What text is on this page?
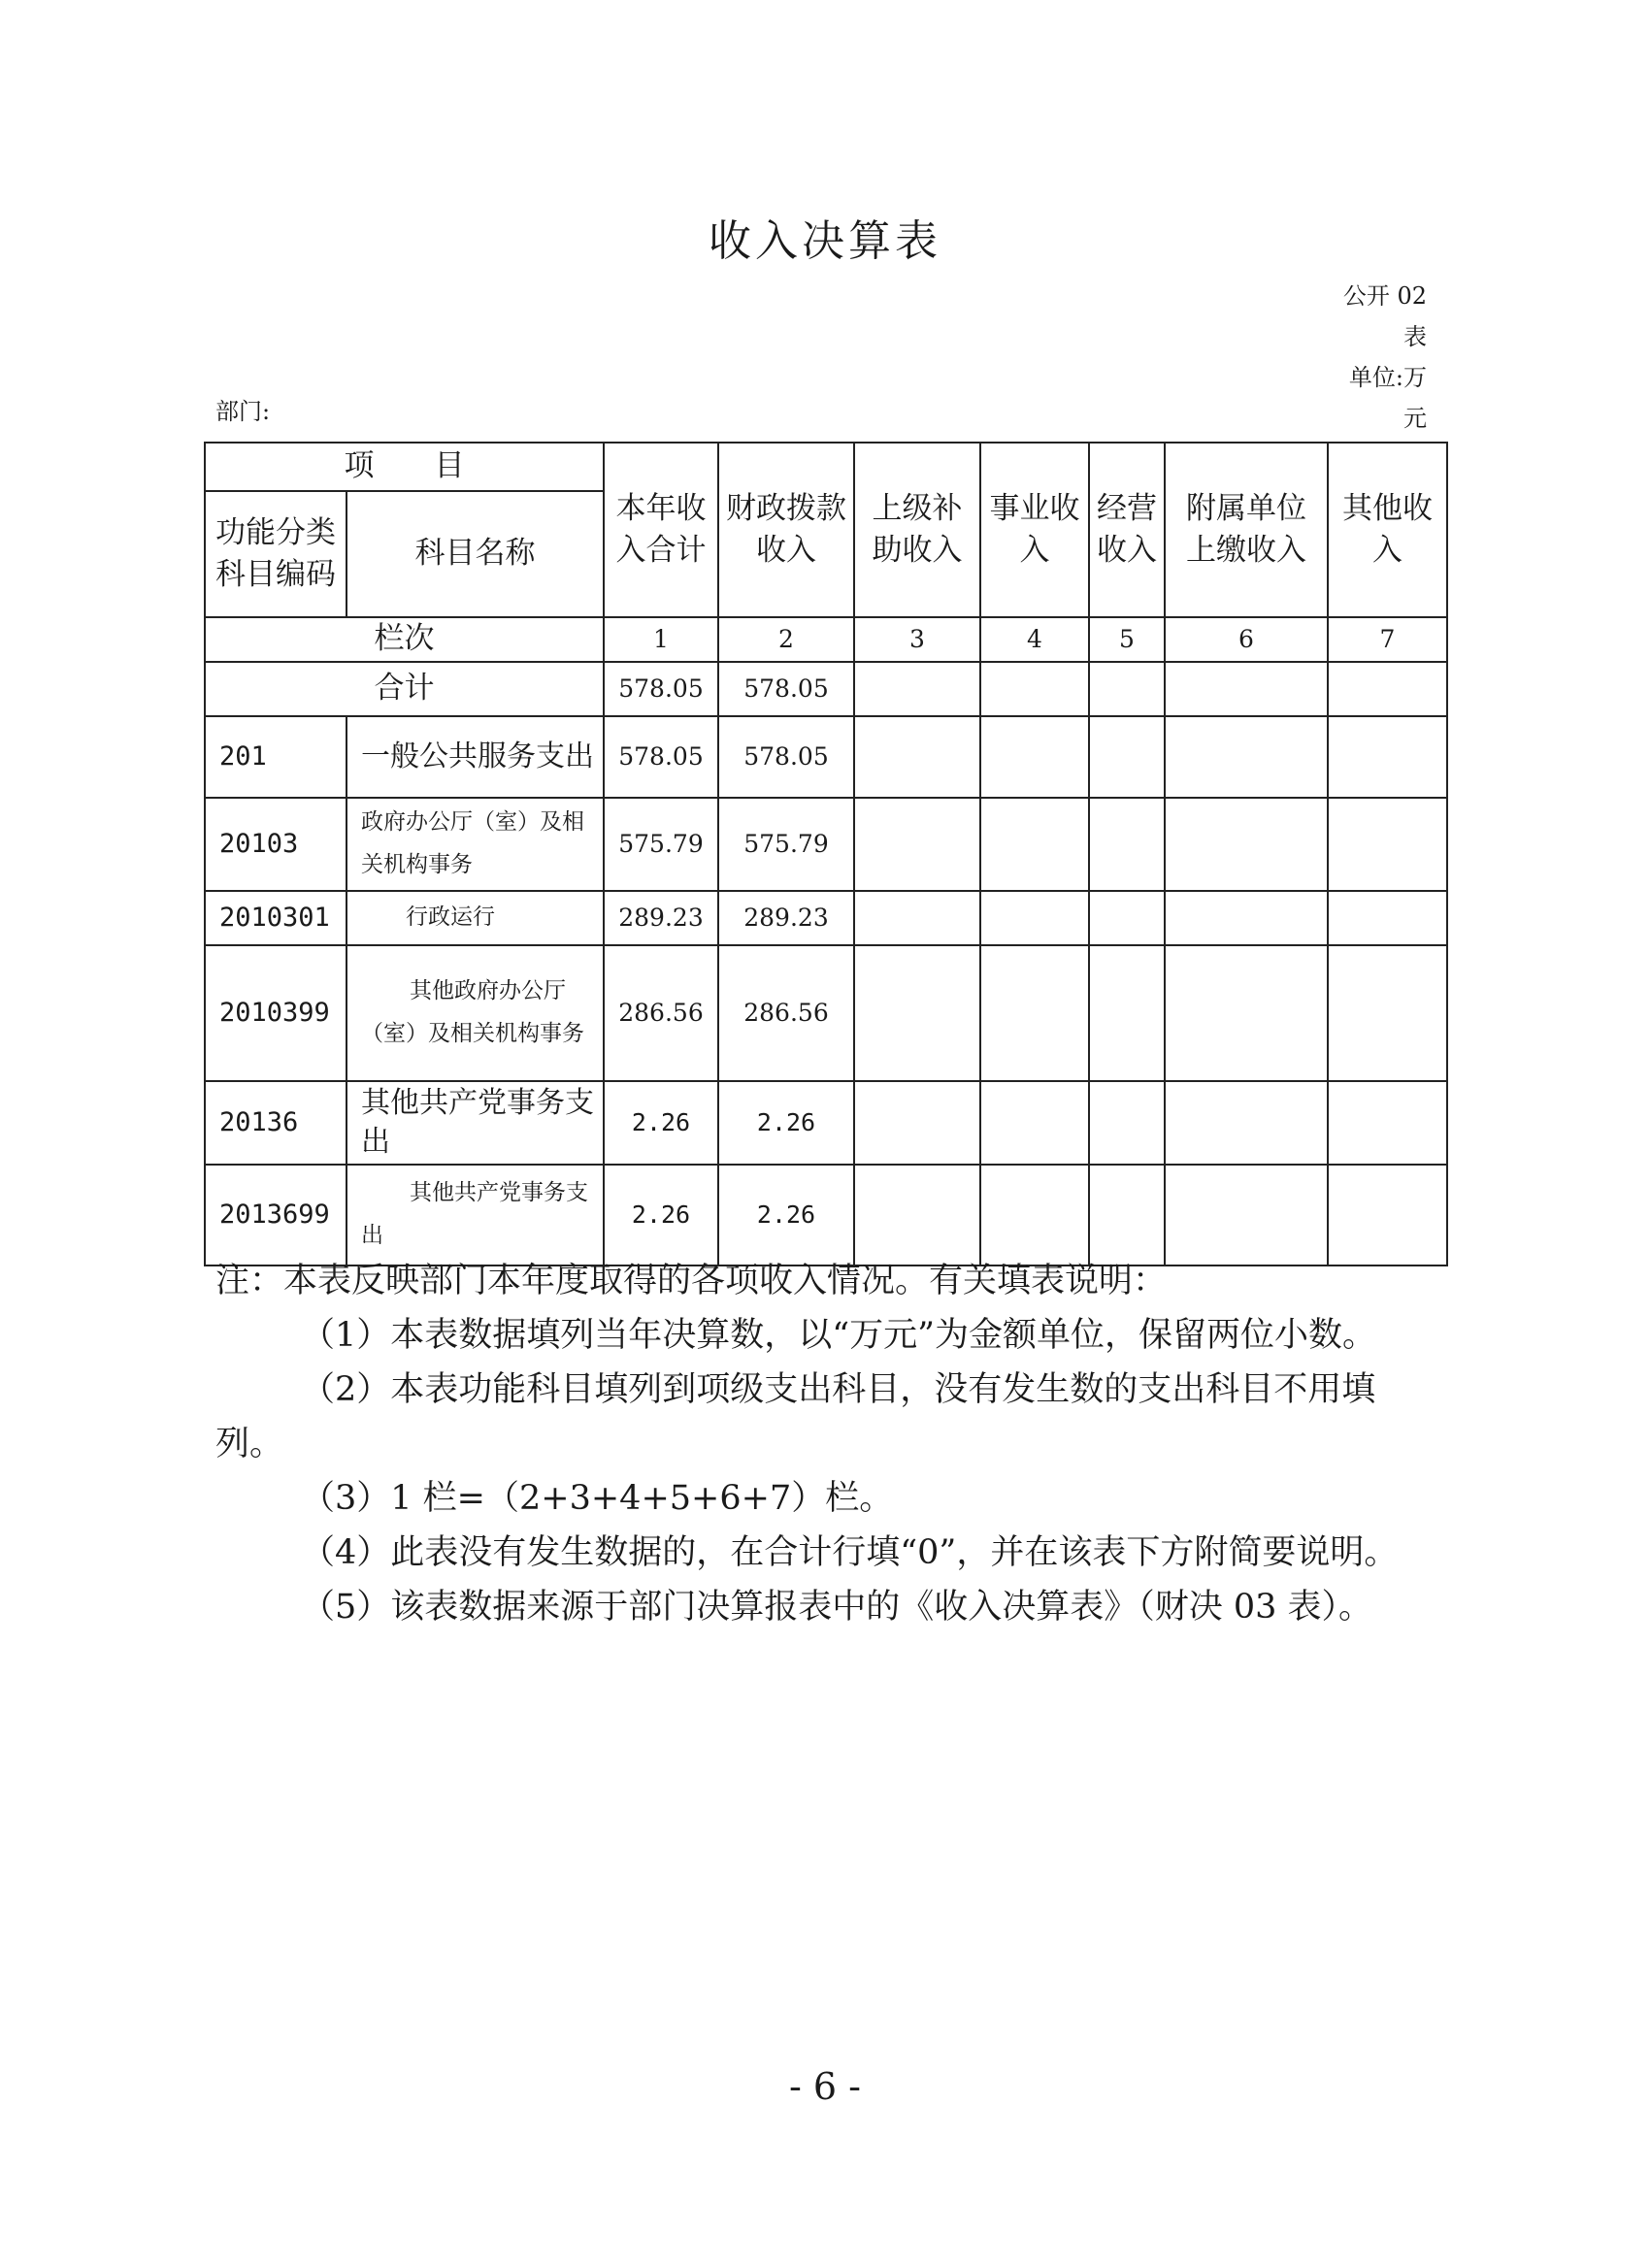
收入决算表
公开 02
表
单位:万
元
部门:
项　　目		本年收入合计	财政拨款收入	上级补助收入	事业收入	经营收入	附属单位上缴收入	其他收入
功能分类科目编码	科目名称							
栏次		1	2	3	4	5	6	7
合计		578.05	578.05					
201	一般公共服务支出	578.05	578.05					
20103	政府办公厅（室）及相关机构事务	575.79	575.79					
2010301	行政运行	289.23	289.23					
2010399	其他政府办公厅（室）及相关机构事务	286.56	286.56					
20136	其他共产党事务支出	2.26	2.26					
2013699	其他共产党事务支出	2.26	2.26					

注：本表反映部门本年度取得的各项收入情况。有关填表说明：

（1）本表数据填列当年决算数，以“万元”为金额单位，保留两位小数。

（2）本表功能科目填列到项级支出科目，没有发生数的支出科目不用填列。

（3）1 栏=（2+3+4+5+6+7）栏。

（4）此表没有发生数据的，在合计行填“0”，并在该表下方附简要说明。

（5）该表数据来源于部门决算报表中的《收入决算表》（财决 03 表）。

- 6 -
